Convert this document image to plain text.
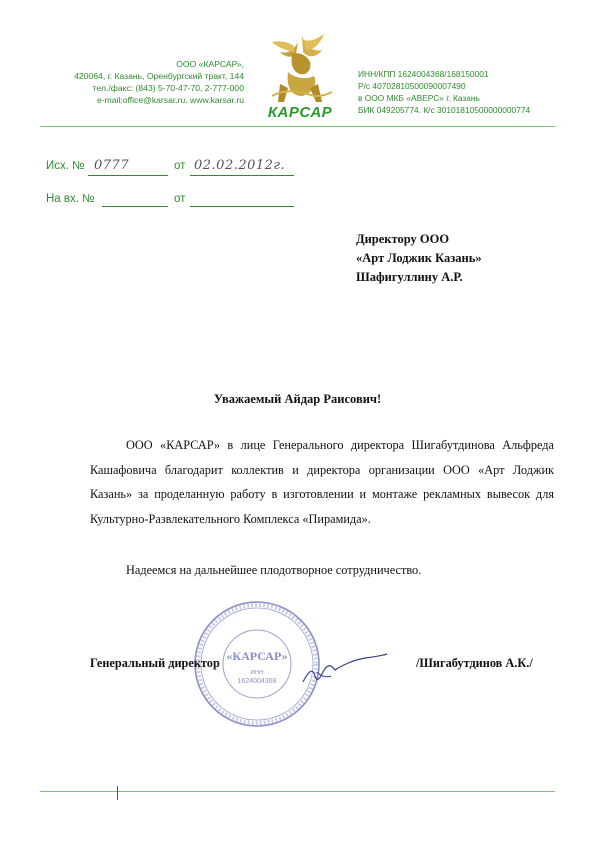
ООО «КАРСАР»,
420064, г. Казань, Оренбургский тракт, 144
тел./факс: (843) 5-70-47-70, 2-777-000
e-mail:office@karsar.ru. www.karsar.ru
КАРСАР
ИНН/КПП 1624004368/168150001
Р/с 40702810500090007490
в ООО МКБ «АВЕРС» г. Казань
БИК 049205774. К/с 30101810500000000774
Исх. № 0777	от 02.02.2012г.
На вх. №	от
Директору ООО
«Арт Лоджик Казань»
Шафигуллину А.Р.
Уважаемый Айдар Раисович!
ООО «КАРСАР» в лице Генерального директора Шигабутдинова Альфреда Кашафовича благодарит коллектив и директора организации ООО «Арт Лоджик Казань» за проделанную работу в изготовлении и монтаже рекламных вывесок для Культурно-Развлекательного Комплекса «Пирамида».
Надеемся на дальнейшее плодотворное сотрудничество.
«КАРСАР»
ИНН
1624004368
Генеральный директор	/Шигабутдинов А.К./
